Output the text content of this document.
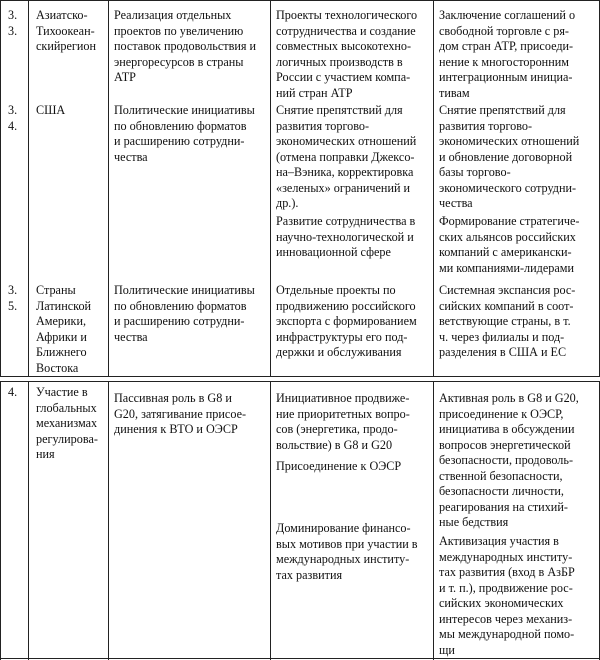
3.
3.
Азиатско-
Тихоокеан-
скийрегион
Реализация отдельных
проектов по увеличению
поставок продовольствия и
энергоресурсов в страны
АТР
Проекты технологического
сотрудничества и создание
совместных высокотехно-
логичных производств в
России с участием компа-
ний стран АТР
Заключение соглашений о
свободной торговле с ря-
дом стран АТР, присоеди-
нение к многосторонним
интеграционным инициа-
тивам
3.
4.
США	Политические инициативы
по обновлению форматов
и расширению сотрудни-
чества
Снятие препятствий для
развития торгово-
экономических отношений
(отмена поправки Джексо-
на–Вэника, корректировка
«зеленых» ограничений и
др.).
Развитие сотрудничества в
научно-технологической и
инновационной сфере
Снятие препятствий для
развития торгово-
экономических отношений
и обновление договорной
базы торгово-
экономического сотрудни-
чества
Формирование стратегиче-
ских альянсов российских
компаний с американски-
ми компаниями-лидерами
3.
5.
Страны
Латинской
Америки,
Африки и
Ближнего
Востока
Политические инициативы
по обновлению форматов
и расширению сотрудни-
чества
Отдельные проекты по
продвижению российского
экспорта с формированием
инфраструктуры его под-
держки и обслуживания
Системная экспансия рос-
сийских компаний в соот-
ветствующие страны, в т.
ч. через филиалы и под-
разделения в США и ЕС
4. Участие в
глобальных
механизмах
регулирова-
ния
Пассивная роль в G8 и
G20, затягивание присое-
динения к ВТО и ОЭСР
Инициативное продвиже-
ние приоритетных вопро-
сов (энергетика, продо-
вольствие) в G8 и G20
Присоединение к ОЭСР
Доминирование финансо-
вых мотивов при участии в
международных институ-
тах развития
Активная роль в G8 и G20,
присоединение к ОЭСР,
инициатива в обсуждении
вопросов энергетической
безопасности, продоволь-
ственной безопасности,
безопасности личности,
реагирования на стихий-
ные бедствия
Активизация участия в
международных институ-
тах развития (вход в АзБР
и т. п.), продвижение рос-
сийских экономических
интересов через механиз-
мы международной помо-
щи
